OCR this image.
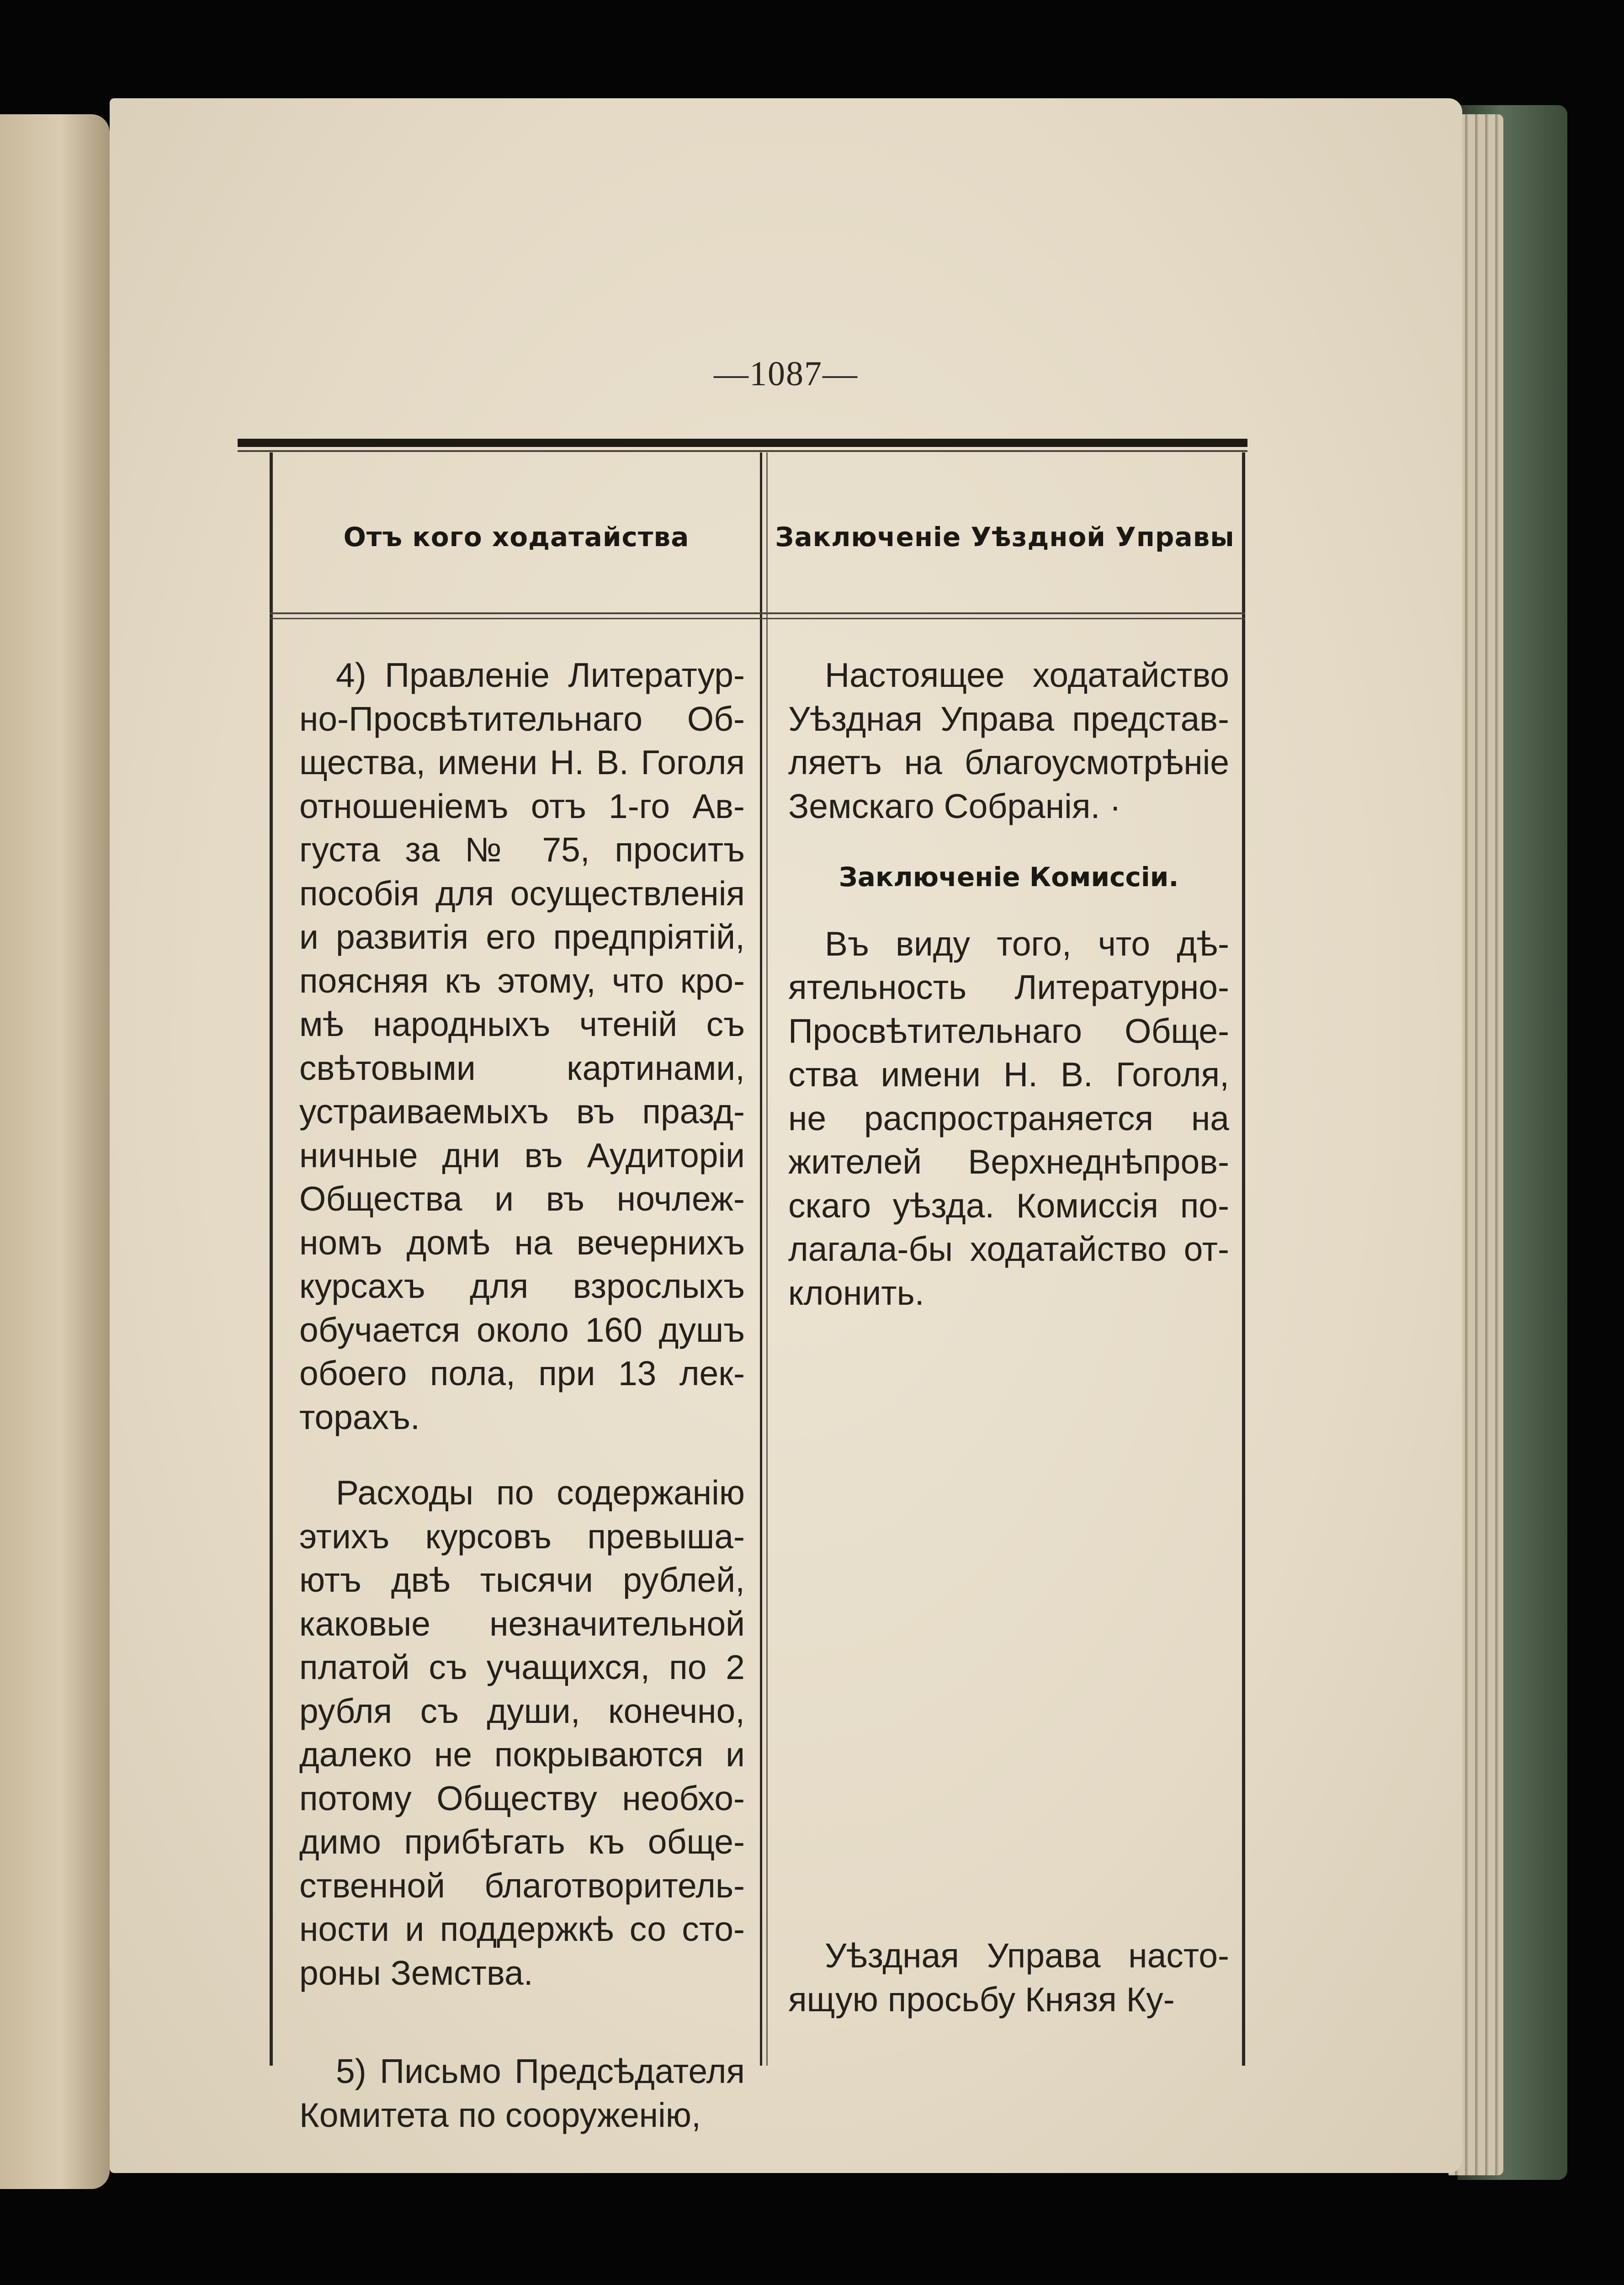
—1087—
Отъ кого ходатайства	Заключеніе Уѣздной Управы
4) Правленіе Литератур-
но-Просвѣтительнаго Об-
щества, имени Н. В. Гоголя
отношеніемъ отъ 1-го Ав-
густа за № 75, проситъ
пособія для осуществленія
и развитія его предпріятій,
поясняя къ этому, что кро-
мѣ народныхъ чтеній съ
свѣтовыми картинами,
устраиваемыхъ въ празд-
ничные дни въ Аудиторіи
Общества и въ ночлеж-
номъ домѣ на вечернихъ
курсахъ для взрослыхъ
обучается около 160 душъ
обоего пола, при 13 лек-
торахъ.
Расходы по содержанію
этихъ курсовъ превыша-
ютъ двѣ тысячи рублей,
каковые незначительной
платой съ учащихся, по 2
рубля съ души, конечно,
далеко не покрываются и
потому Обществу необхо-
димо прибѣгать къ обще-
ственной благотворитель-
ности и поддержкѣ со сто-
роны Земства.
5) Письмо Предсѣдателя
Комитета по сооруженію,
Настоящее ходатайство
Уѣздная Управа представ-
ляетъ на благоусмотрѣніе
Земскаго Собранія. ·
Заключеніе Комиссіи.
Въ виду того, что дѣ-
ятельность Литературно-
Просвѣтительнаго Обще-
ства имени Н. В. Гоголя,
не распространяется на
жителей Верхнеднѣпров-
скаго уѣзда. Комиссія по-
лагала-бы ходатайство от-
клонить.
Уѣздная Управа насто-
ящую просьбу Князя Ку-
